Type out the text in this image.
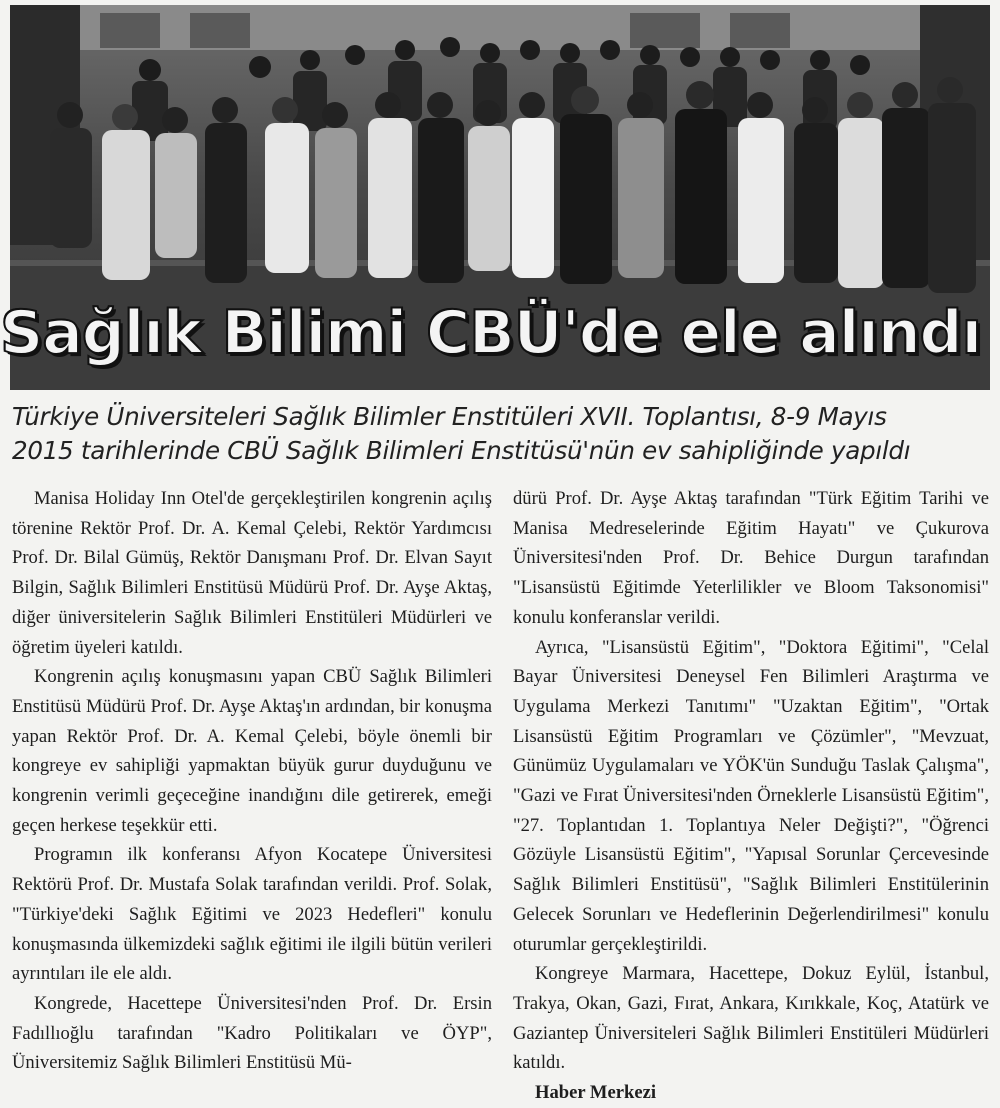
Sağlık Bilimi CBÜ'de ele alındı
Türkiye Üniversiteleri Sağlık Bilimler Enstitüleri XVII. Toplantısı, 8-9 Mayıs
2015 tarihlerinde CBÜ Sağlık Bilimleri Enstitüsü'nün ev sahipliğinde yapıldı

Manisa Holiday Inn Otel'de gerçekleştirilen kongrenin açılış törenine Rektör Prof. Dr. A. Kemal Çelebi, Rektör Yardımcısı Prof. Dr. Bilal Gümüş, Rektör Danışmanı Prof. Dr. Elvan Sayıt Bilgin, Sağlık Bilimleri Enstitüsü Müdürü Prof. Dr. Ayşe Aktaş, diğer üniversitelerin Sağlık Bilimleri Enstitüleri Müdürleri ve öğretim üyeleri katıldı.

Kongrenin açılış konuşmasını yapan CBÜ Sağlık Bilimleri Enstitüsü Müdürü Prof. Dr. Ayşe Aktaş'ın ardından, bir konuşma yapan Rektör Prof. Dr. A. Kemal Çelebi, böyle önemli bir kongreye ev sahipliği yapmaktan büyük gurur duyduğunu ve kongrenin verimli geçeceğine inandığını dile getirerek, emeği geçen herkese teşekkür etti.

Programın ilk konferansı Afyon Kocatepe Üniversitesi Rektörü Prof. Dr. Mustafa Solak tarafından verildi. Prof. Solak, "Türkiye'deki Sağlık Eğitimi ve 2023 Hedefleri" konulu konuşmasında ülkemizdeki sağlık eğitimi ile ilgili bütün verileri ayrıntıları ile ele aldı.

Kongrede, Hacettepe Üniversitesi'nden Prof. Dr. Ersin Fadıllıoğlu tarafından "Kadro Politikaları ve ÖYP", Üniversitemiz Sağlık Bilimleri Enstitüsü Mü-

dürü Prof. Dr. Ayşe Aktaş tarafından "Türk Eğitim Tarihi ve Manisa Medreselerinde Eğitim Hayatı" ve Çukurova Üniversitesi'nden Prof. Dr. Behice Durgun tarafından "Lisansüstü Eğitimde Yeterlilikler ve Bloom Taksonomisi" konulu konferanslar verildi.

Ayrıca, "Lisansüstü Eğitim", "Doktora Eğitimi", "Celal Bayar Üniversitesi Deneysel Fen Bilimleri Araştırma ve Uygulama Merkezi Tanıtımı" "Uzaktan Eğitim", "Ortak Lisansüstü Eğitim Programları ve Çözümler", "Mevzuat, Günümüz Uygulamaları ve YÖK'ün Sunduğu Taslak Çalışma", "Gazi ve Fırat Üniversitesi'nden Örneklerle Lisansüstü Eğitim", "27. Toplantıdan 1. Toplantıya Neler Değişti?", "Öğrenci Gözüyle Lisansüstü Eğitim", "Yapısal Sorunlar Çercevesinde Sağlık Bilimleri Enstitüsü", "Sağlık Bilimleri Enstitülerinin Gelecek Sorunları ve Hedeflerinin Değerlendirilmesi" konulu oturumlar gerçekleştirildi.

Kongreye Marmara, Hacettepe, Dokuz Eylül, İstanbul, Trakya, Okan, Gazi, Fırat, Ankara, Kırıkkale, Koç, Atatürk ve Gaziantep Üniversiteleri Sağlık Bilimleri Enstitüleri Müdürleri katıldı.

Haber Merkezi
